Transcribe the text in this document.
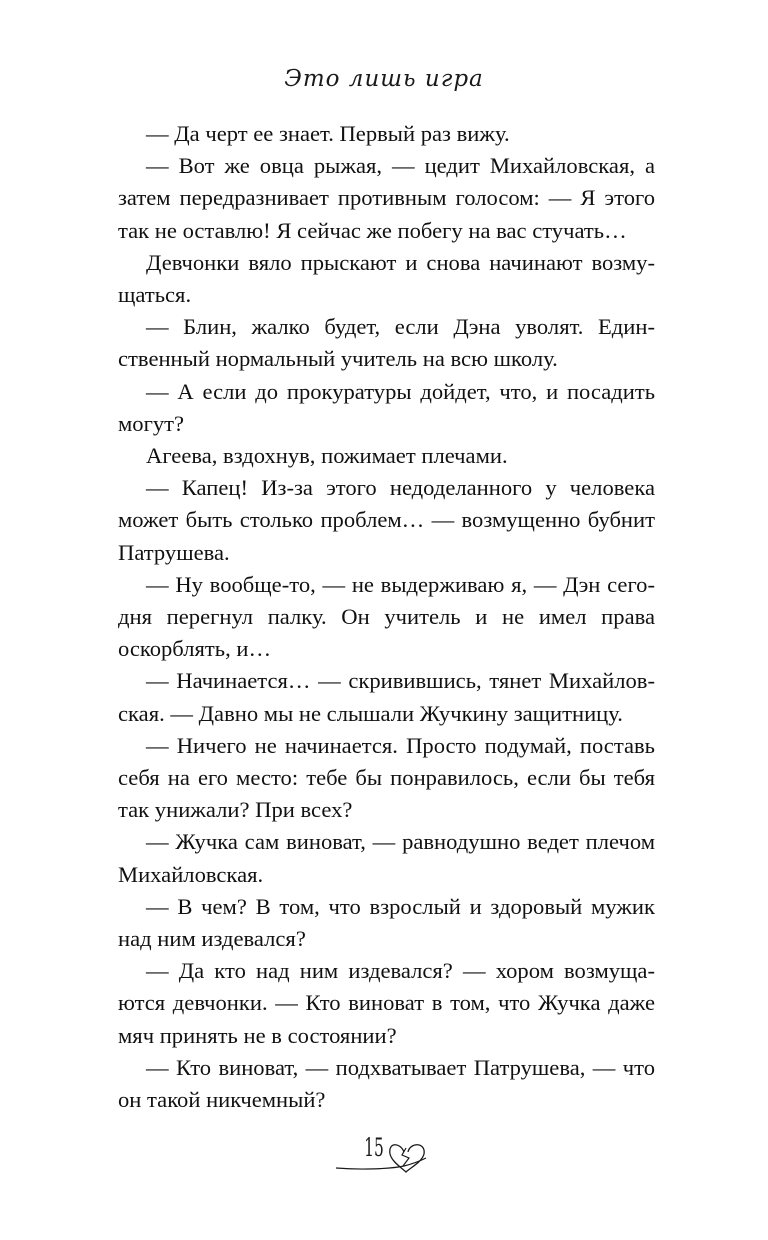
Это лишь игра

— Да черт ее знает. Первый раз вижу.

— Вот же овца рыжая, — цедит Михайловская, а затем передразнивает противным голосом: — Я этого так не оставлю! Я сейчас же побегу на вас стучать…

Девчонки вяло прыскают и снова начинают возмущаться.

— Блин, жалко будет, если Дэна уволят. Единственный нормальный учитель на всю школу.

— А если до прокуратуры дойдет, что, и посадить могут?

Агеева, вздохнув, пожимает плечами.

— Капец! Из-за этого недоделанного у человека может быть столько проблем… — возмущенно бубнит Патрушева.

— Ну вообще-то, — не выдерживаю я, — Дэн сегодня перегнул палку. Он учитель и не имел права оскорблять, и…

— Начинается… — скривившись, тянет Михайловская. — Давно мы не слышали Жучкину защитницу.

— Ничего не начинается. Просто подумай, поставь себя на его место: тебе бы понравилось, если бы тебя так унижали? При всех?

— Жучка сам виноват, — равнодушно ведет плечом Михайловская.

— В чем? В том, что взрослый и здоровый мужик над ним издевался?

— Да кто над ним издевался? — хором возмущаются девчонки. — Кто виноват в том, что Жучка даже мяч принять не в состоянии?

— Кто виноват, — подхватывает Патрушева, — что он такой никчемный?

15
